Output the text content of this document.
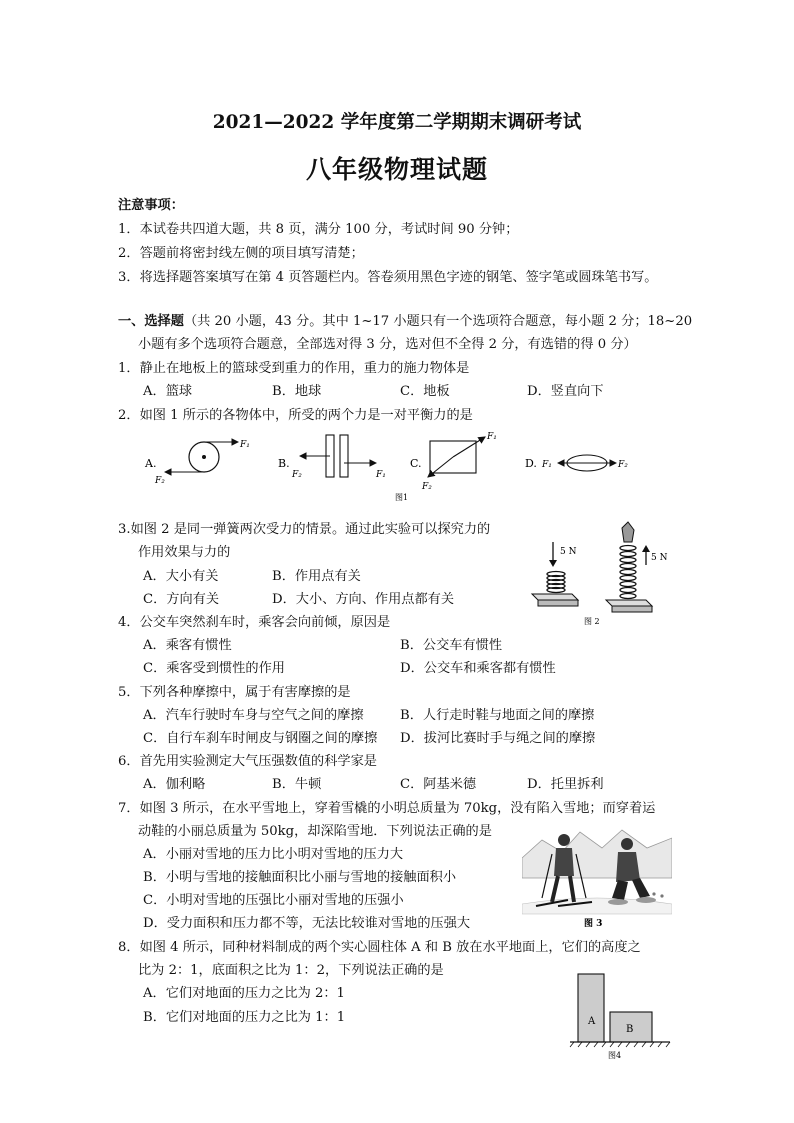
2021—2022 学年度第二学期期末调研考试
八年级物理试题
注意事项：
1．本试卷共四道大题，共 8 页，满分 100 分，考试时间 90 分钟；
2．答题前将密封线左侧的项目填写清楚；
3．将选择题答案填写在第 4 页答题栏内。答卷须用黑色字迹的钢笔、签字笔或圆珠笔书写。
一、选择题（共 20 小题，43 分。其中 1~17 小题只有一个选项符合题意，每小题 2 分；18~20
小题有多个选项符合题意，全部选对得 3 分，选对但不全得 2 分，有选错的得 0 分）
1．静止在地板上的篮球受到重力的作用，重力的施力物体是
A．篮球	B．地球	C．地板	D．竖直向下
2．如图 1 所示的各物体中，所受的两个力是一对平衡力的是
A.
F₁
F₂
B.
F₂	F₁
C.
F₁
F₂
D. F₁	F₂
图1
3.如图 2 是同一弹簧两次受力的情景。通过此实验可以探究力的
作用效果与力的
A．大小有关	B．作用点有关
C．方向有关	D．大小、方向、作用点都有关
5 N
5 N
图 2
4．公交车突然刹车时，乘客会向前倾，原因是
A．乘客有惯性	B．公交车有惯性
C．乘客受到惯性的作用	D．公交车和乘客都有惯性
5．下列各种摩擦中，属于有害摩擦的是
A．汽车行驶时车身与空气之间的摩擦	B．人行走时鞋与地面之间的摩擦
C．自行车刹车时闸皮与钢圈之间的摩擦 D．拔河比赛时手与绳之间的摩擦
6．首先用实验测定大气压强数值的科学家是
A．伽利略	B．牛顿	C．阿基米德	D．托里拆利
7．如图 3 所示，在水平雪地上，穿着雪橇的小明总质量为 70kg，没有陷入雪地；而穿着运
动鞋的小丽总质量为 50kg，却深陷雪地．下列说法正确的是
A．小丽对雪地的压力比小明对雪地的压力大
B．小明与雪地的接触面积比小丽与雪地的接触面积小
C．小明对雪地的压强比小丽对雪地的压强小
D．受力面积和压力都不等，无法比较谁对雪地的压强大	图 3
8．如图 4 所示，同种材料制成的两个实心圆柱体 A 和 B 放在水平地面上，它们的高度之
比为 2：1，底面积之比为 1：2，下列说法正确的是
A．它们对地面的压力之比为 2：1
B．它们对地面的压力之比为 1：1	A
B
图4
